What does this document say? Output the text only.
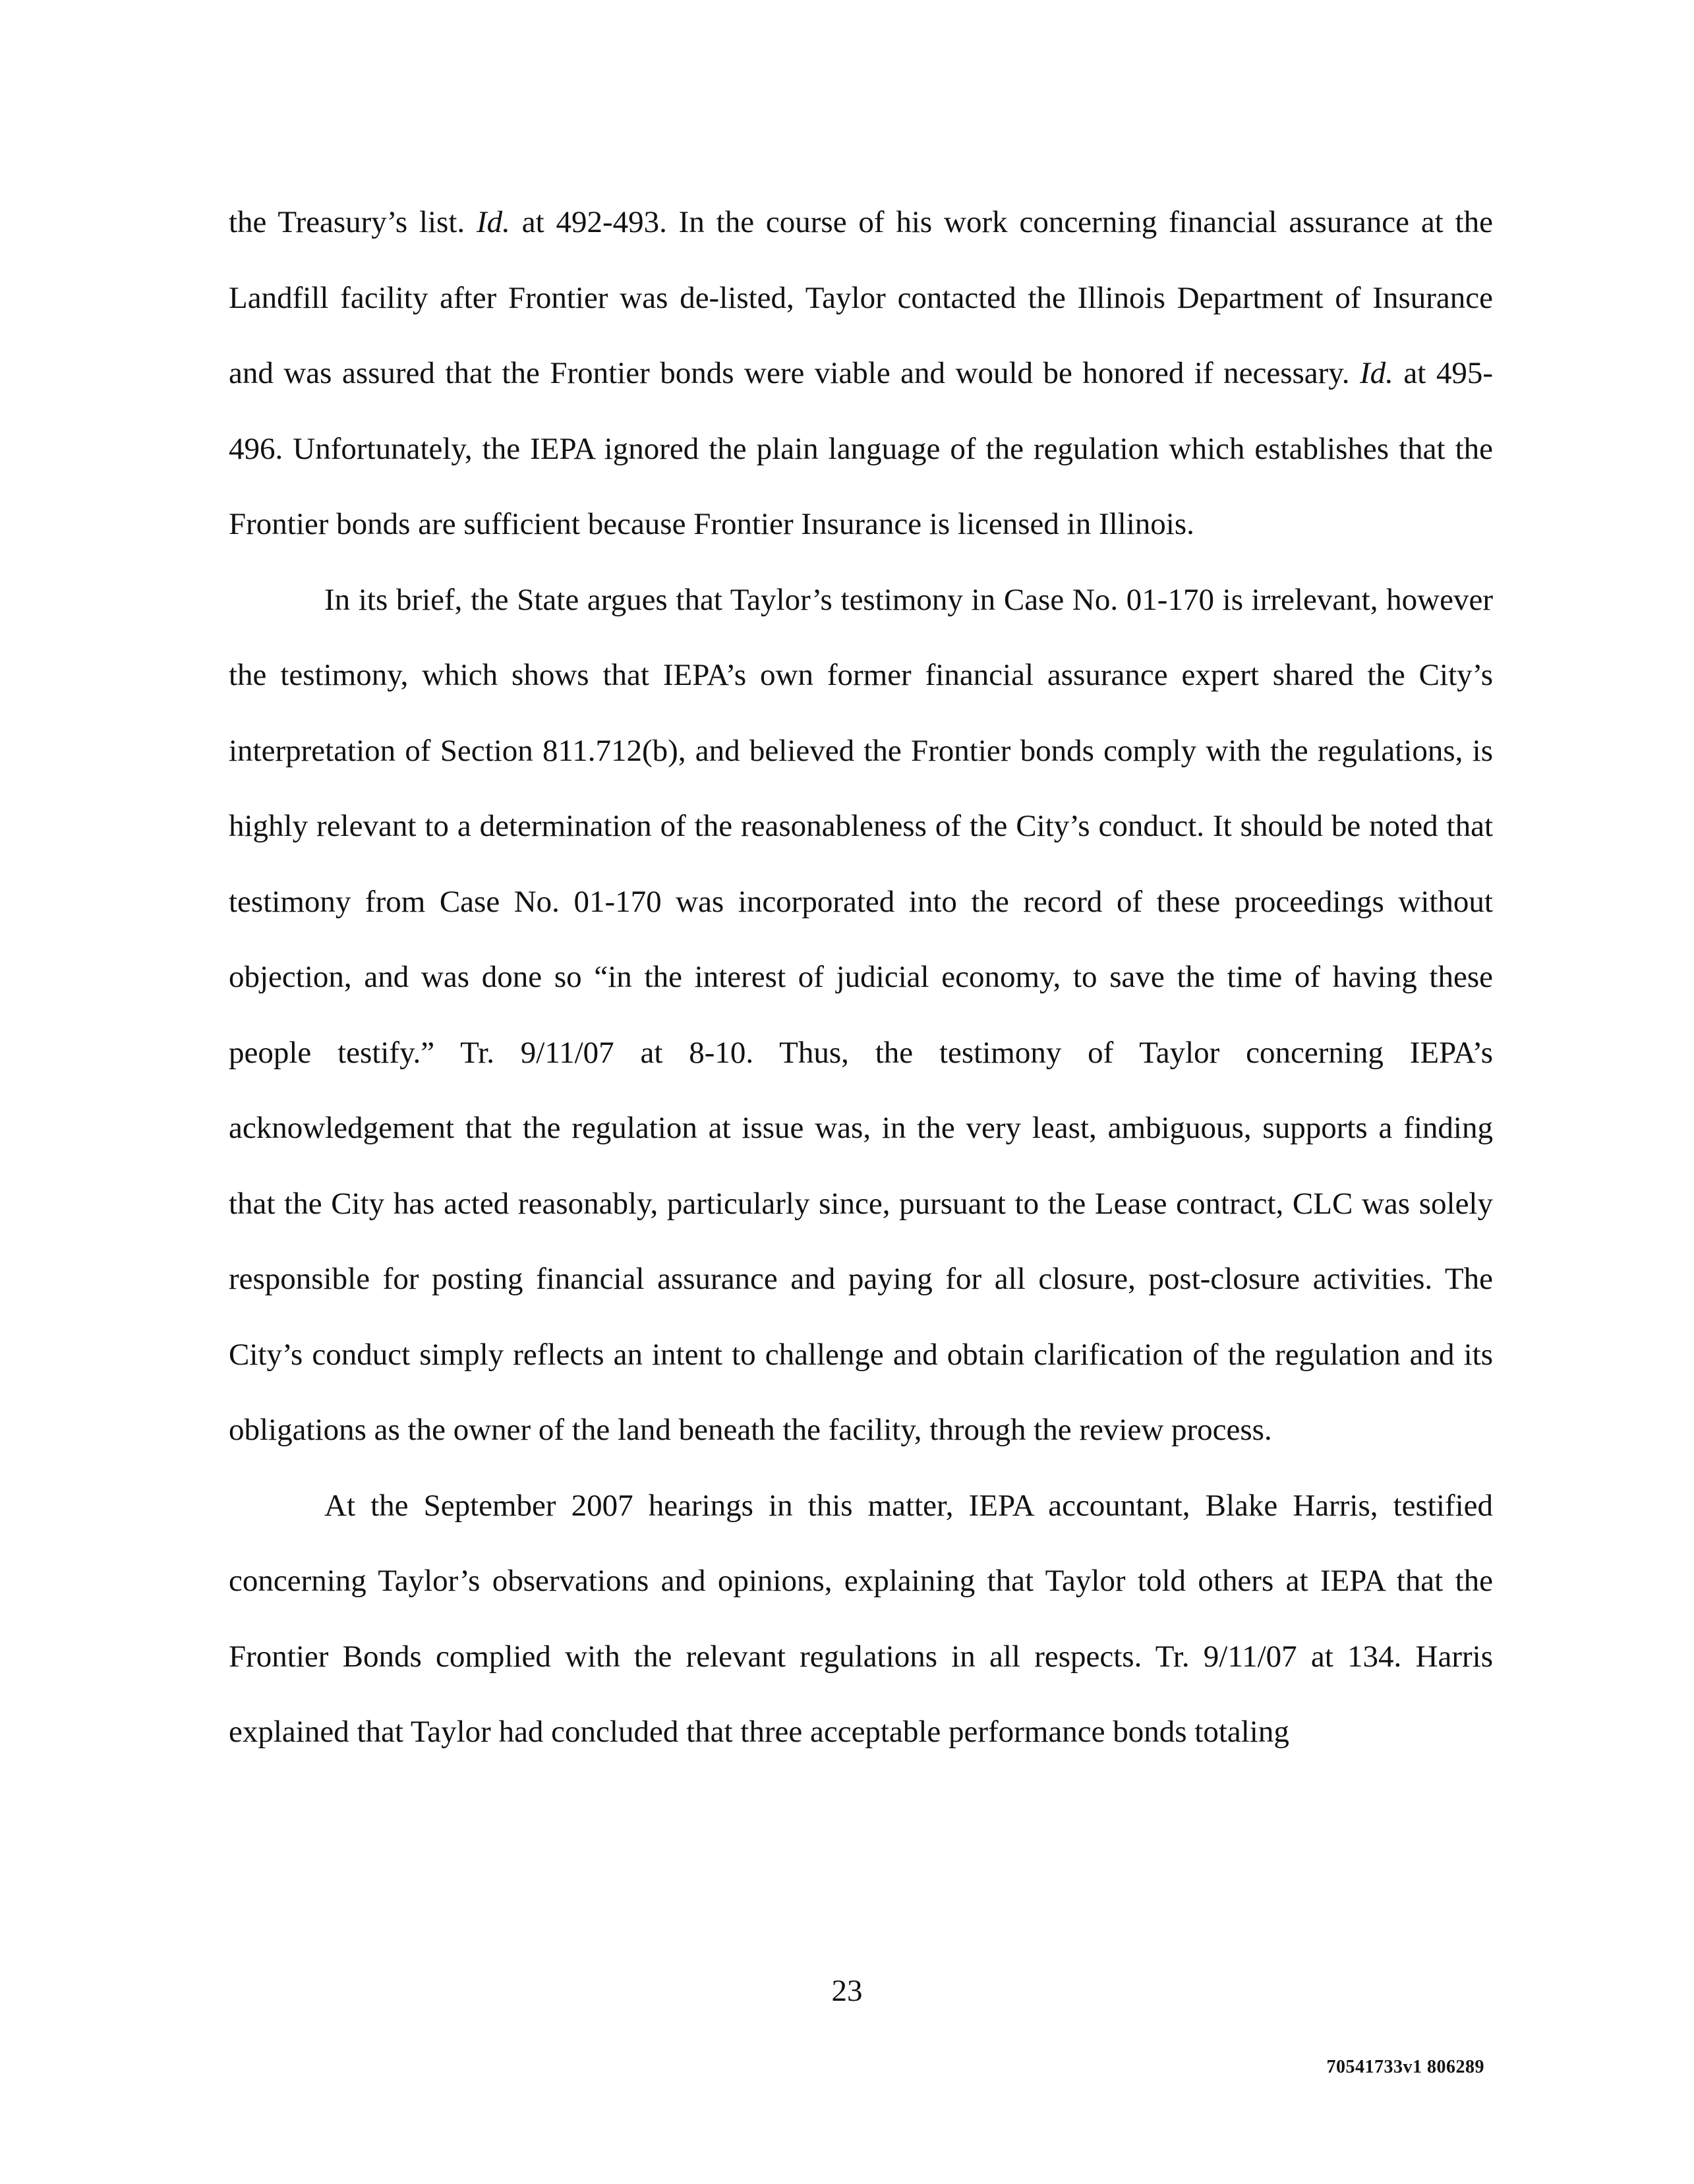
the Treasury’s list. Id. at 492-493. In the course of his work concerning financial assurance at the Landfill facility after Frontier was de-listed, Taylor contacted the Illinois Department of Insurance and was assured that the Frontier bonds were viable and would be honored if necessary. Id. at 495-496. Unfortunately, the IEPA ignored the plain language of the regulation which establishes that the Frontier bonds are sufficient because Frontier Insurance is licensed in Illinois.

In its brief, the State argues that Taylor’s testimony in Case No. 01-170 is irrelevant, however the testimony, which shows that IEPA’s own former financial assurance expert shared the City’s interpretation of Section 811.712(b), and believed the Frontier bonds comply with the regulations, is highly relevant to a determination of the reasonableness of the City’s conduct. It should be noted that testimony from Case No. 01-170 was incorporated into the record of these proceedings without objection, and was done so “in the interest of judicial economy, to save the time of having these people testify.” Tr. 9/11/07 at 8-10. Thus, the testimony of Taylor concerning IEPA’s acknowledgement that the regulation at issue was, in the very least, ambiguous, supports a finding that the City has acted reasonably, particularly since, pursuant to the Lease contract, CLC was solely responsible for posting financial assurance and paying for all closure, post-closure activities. The City’s conduct simply reflects an intent to challenge and obtain clarification of the regulation and its obligations as the owner of the land beneath the facility, through the review process.

At the September 2007 hearings in this matter, IEPA accountant, Blake Harris, testified concerning Taylor’s observations and opinions, explaining that Taylor told others at IEPA that the Frontier Bonds complied with the relevant regulations in all respects. Tr. 9/11/07 at 134. Harris explained that Taylor had concluded that three acceptable performance bonds totaling

23
70541733v1 806289
